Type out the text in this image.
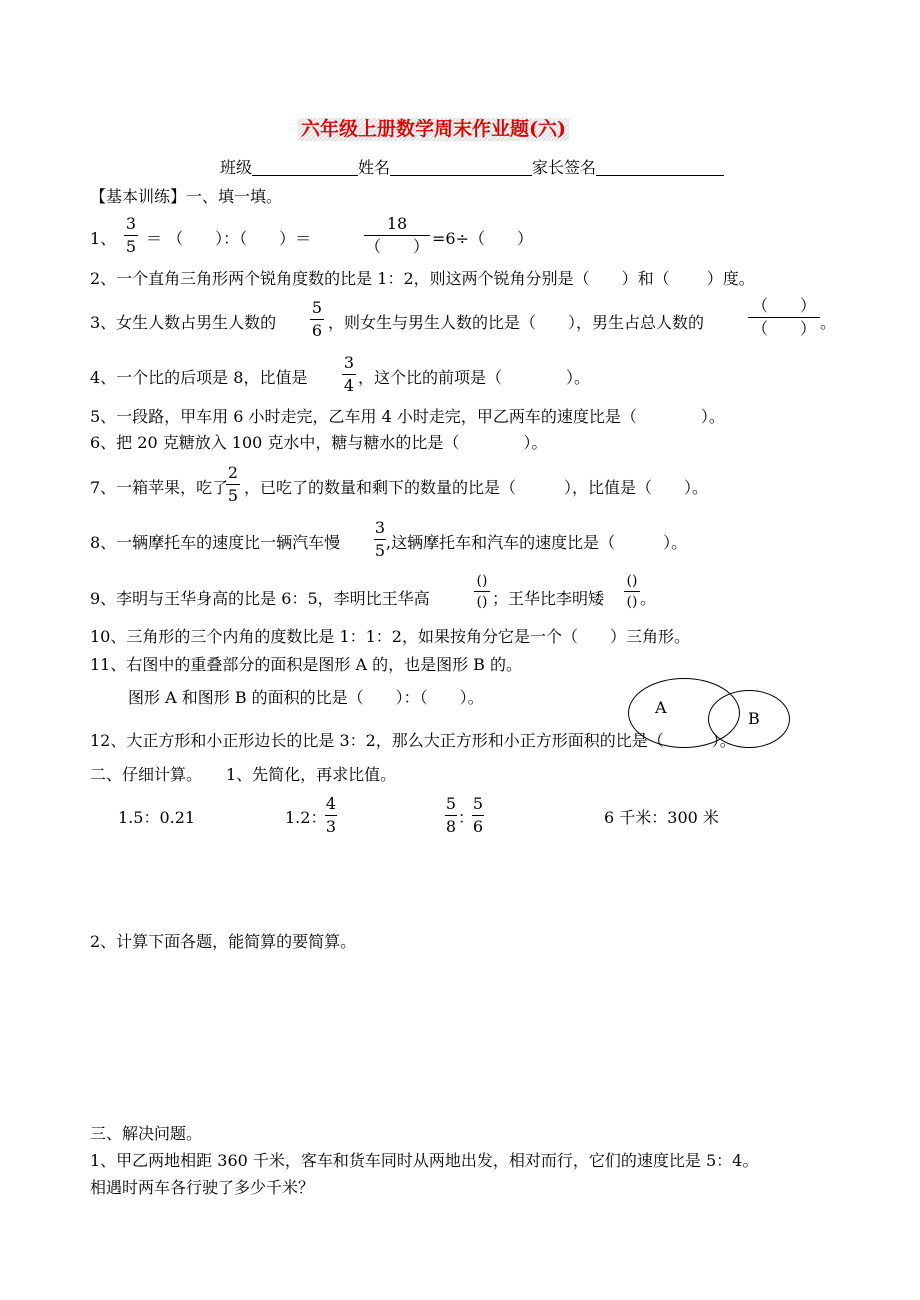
六年级上册数学周末作业题(六)
班级	姓名	家长签名
【基本训练】一、填一填。
1、
3
5 ＝ （　　）：（　　）＝
18
（　　） =6÷（　　）
2、一个直角三角形两个锐角度数的比是 1：2，则这两个锐角分别是（　　）和（　　 ）度。
3、女生人数占男生人数的
5
6 ，则女生与男生人数的比是（　　），男生占总人数的
（　　）
（　　） 。
4、一个比的后项是 8，比值是
3
4 ，这个比的前项是（　　　　）。
5、一段路，甲车用 6 小时走完，乙车用 4 小时走完，甲乙两车的速度比是（　　　　）。
6、把 20 克糖放入 100 克水中，糖与糖水的比是（　　　　）。
7、一箱苹果，吃了
2
5 ，已吃了的数量和剩下的数量的比是（　　　），比值是（　　）。
8、一辆摩托车的速度比一辆汽车慢
3
5 ,这辆摩托车和汽车的速度比是（　　　）。
9、李明与王华身高的比是 6：5，李明比王华高
()
() ；王华比李明矮
()
() 。
10、三角形的三个内角的度数比是 1：1：2，如果按角分它是一个（　　）三角形。
11、右图中的重叠部分的面积是图形 A 的，也是图形 B 的。
图形 A 和图形 B 的面积的比是（　　）：（　　）。
12、大正方形和小正形边长的比是 3：2，那么大正方形和小正方形面积的比是（　　　）。
A
B
二、仔细计算。　　1、先简化，再求比值。
1.5：0.21	1.2：
4
3
5
8 ：
5
6	6 千米：300 米
2、计算下面各题，能简算的要简算。
三、解决问题。
1、甲乙两地相距 360 千米，客车和货车同时从两地出发，相对而行，它们的速度比是 5：4。
相遇时两车各行驶了多少千米？
